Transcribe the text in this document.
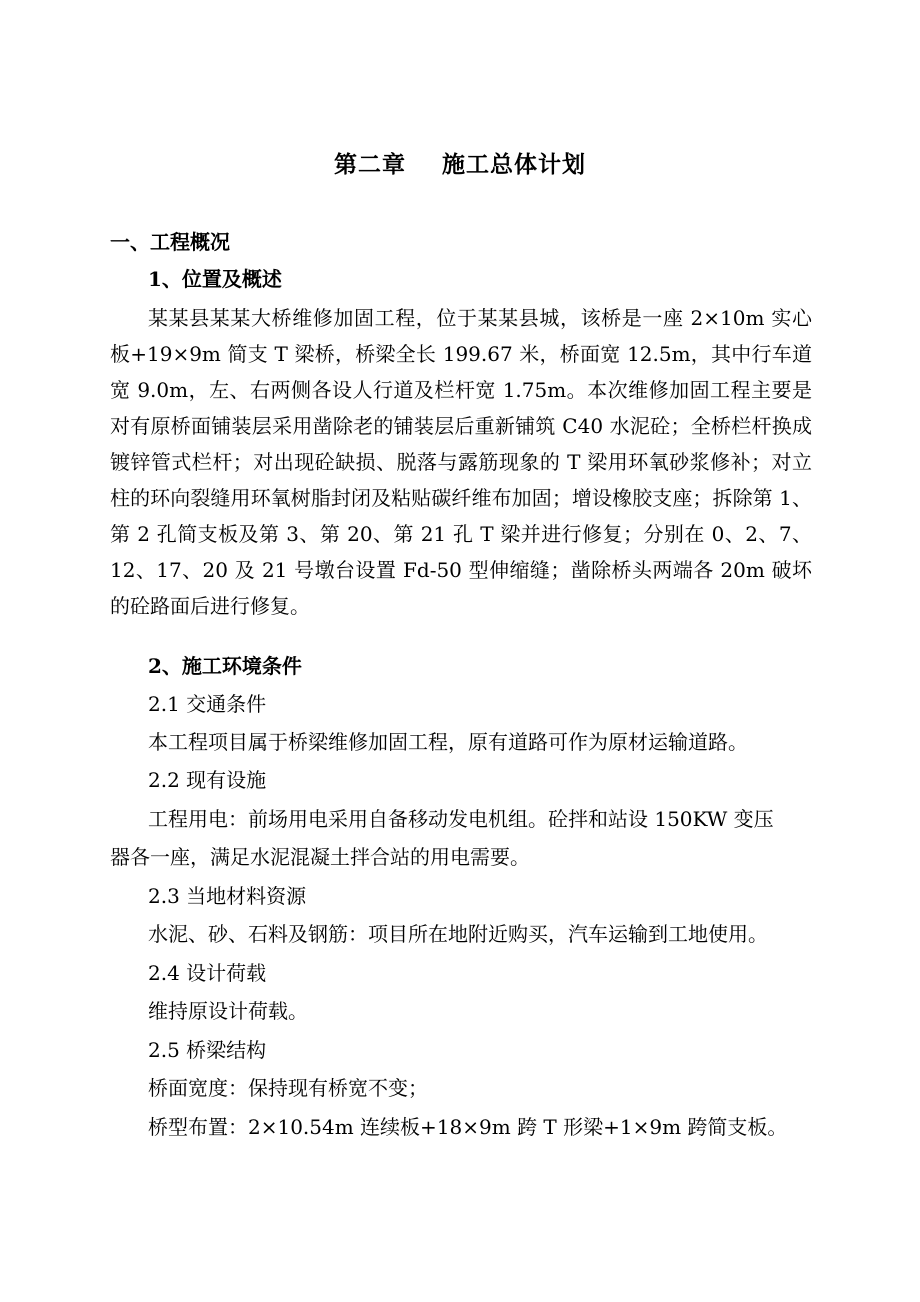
第二章    施工总体计划
一、工程概况
1、位置及概述
某某县某某大桥维修加固工程，位于某某县城，该桥是一座 2×10m 实心板+19×9m 简支 T 梁桥，桥梁全长 199.67 米，桥面宽 12.5m，其中行车道宽 9.0m，左、右两侧各设人行道及栏杆宽 1.75m。本次维修加固工程主要是对有原桥面铺装层采用凿除老的铺装层后重新铺筑 C40 水泥砼；全桥栏杆换成镀锌管式栏杆；对出现砼缺损、脱落与露筋现象的 T 梁用环氧砂浆修补；对立柱的环向裂缝用环氧树脂封闭及粘贴碳纤维布加固；增设橡胶支座；拆除第 1、第 2 孔简支板及第 3、第 20、第 21 孔 T 梁并进行修复；分别在 0、2、7、12、17、20 及 21 号墩台设置 Fd-50 型伸缩缝；凿除桥头两端各 20m 破坏的砼路面后进行修复。
2、施工环境条件
2.1 交通条件
本工程项目属于桥梁维修加固工程，原有道路可作为原材运输道路。
2.2 现有设施
工程用电：前场用电采用自备移动发电机组。砼拌和站设 150KW 变压
器各一座，满足水泥混凝土拌合站的用电需要。
2.3 当地材料资源
水泥、砂、石料及钢筋：项目所在地附近购买，汽车运输到工地使用。
2.4 设计荷载
维持原设计荷载。
2.5 桥梁结构
桥面宽度：保持现有桥宽不变；
桥型布置：2×10.54m 连续板+18×9m 跨 T 形梁+1×9m 跨简支板。
